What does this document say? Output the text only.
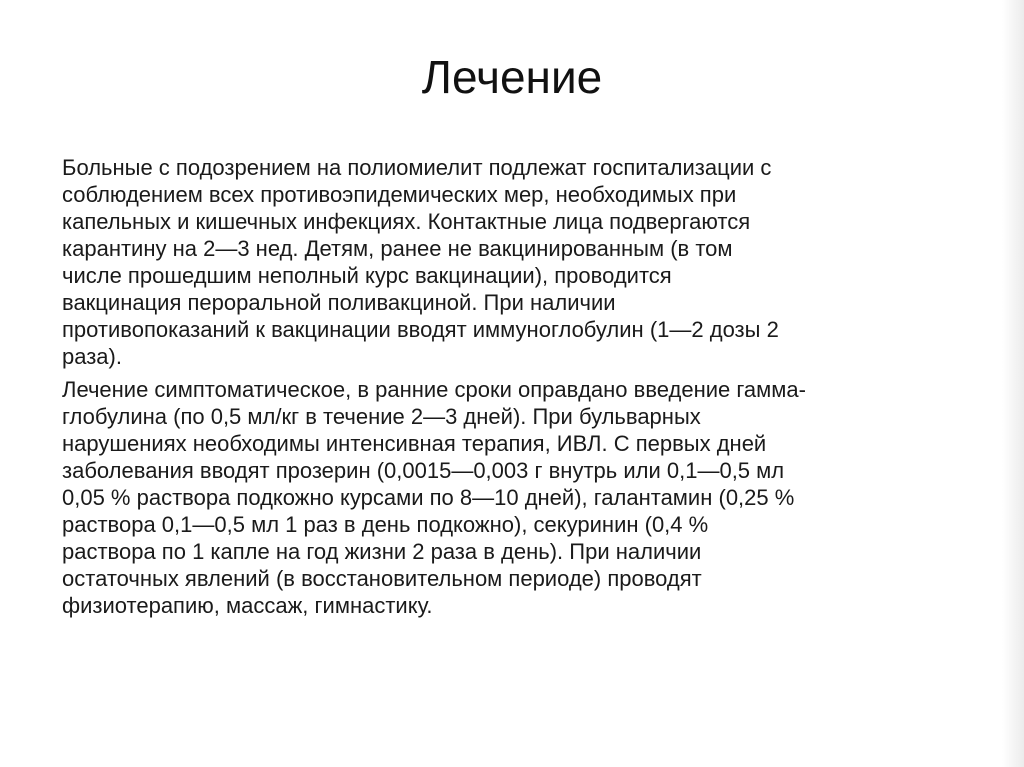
Лечение

Больные с подозрением на полиомиелит подлежат госпитализации с
соблюдением всех противоэпидемических мер, необходимых при
капельных и кишечных инфекциях. Контактные лица подвергаются
карантину на 2—3 нед. Детям, ранее не вакцинированным (в том
числе прошедшим неполный курс вакцинации), проводится
вакцинация пероральной поливакциной. При наличии
противопоказаний к вакцинации вводят иммуноглобулин (1—2 дозы 2
раза).

Лечение симптоматическое, в ранние сроки оправдано введение гамма-
глобулина (по 0,5 мл/кг в течение 2—3 дней). При бульварных
нарушениях необходимы интенсивная терапия, ИВЛ. С первых дней
заболевания вводят прозерин (0,0015—0,003 г внутрь или 0,1—0,5 мл
0,05 % раствора подкожно курсами по 8—10 дней), галантамин (0,25 %
раствора 0,1—0,5 мл 1 раз в день подкожно), секуринин (0,4 %
раствора по 1 капле на год жизни 2 раза в день). При наличии
остаточных явлений (в восстановительном периоде) проводят
физиотерапию, массаж, гимнастику.
